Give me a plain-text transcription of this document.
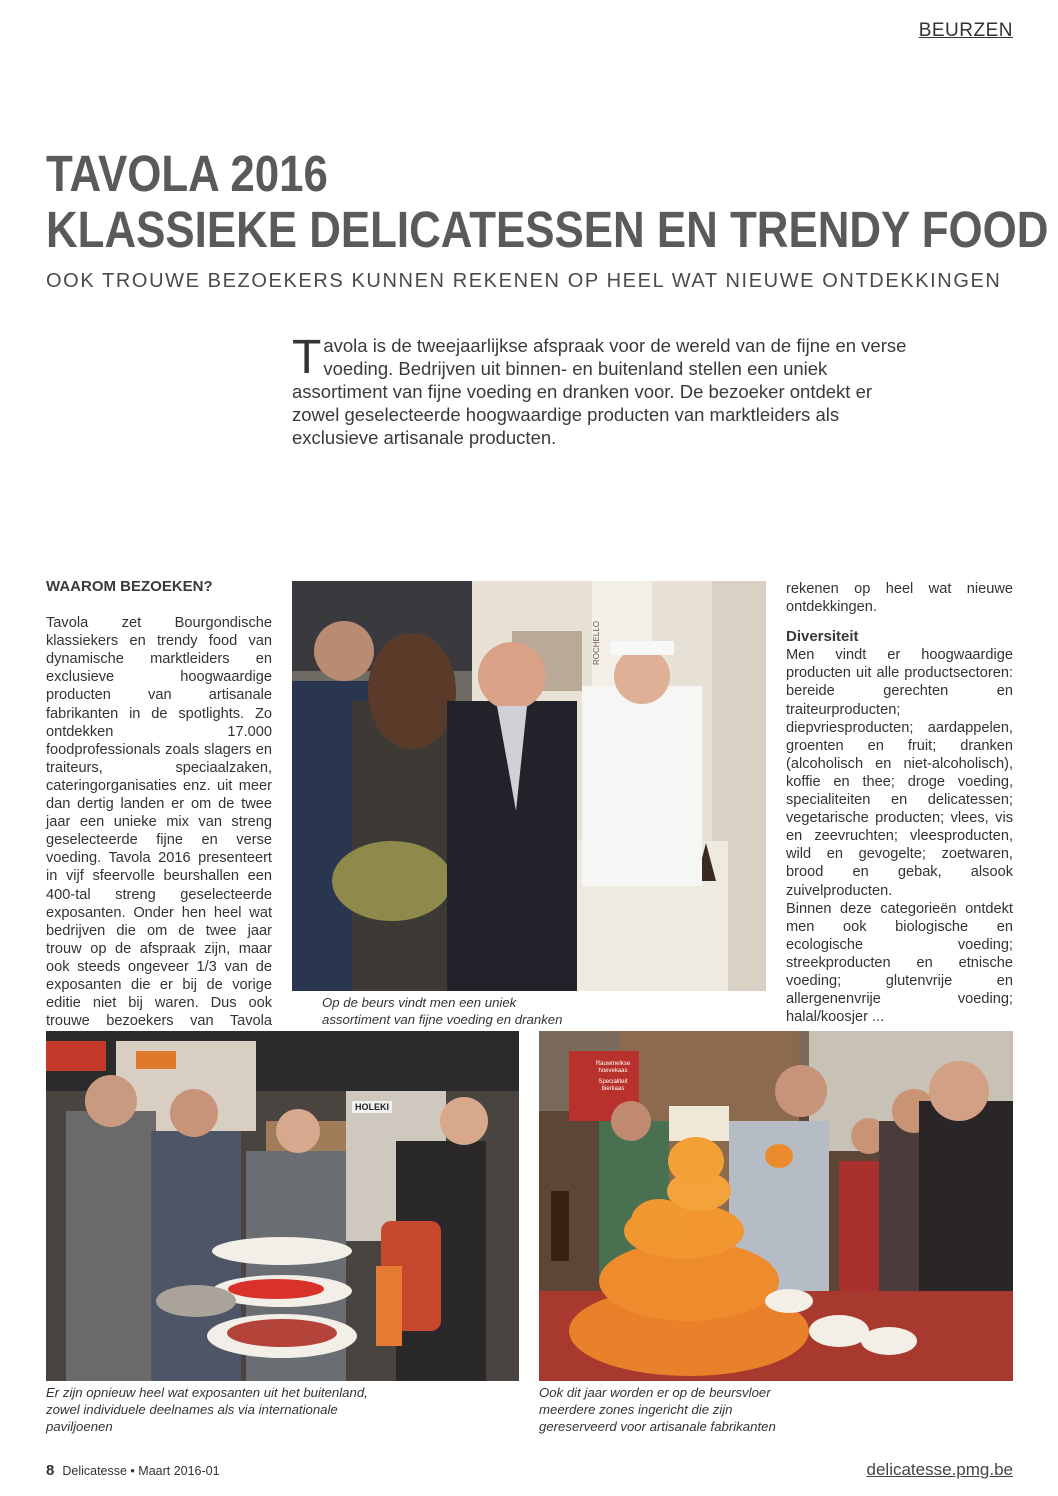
BEURZEN
TAVOLA 2016
KLASSIEKE DELICATESSEN EN TRENDY FOOD
OOK TROUWE BEZOEKERS KUNNEN REKENEN OP HEEL WAT NIEUWE ONTDEKKINGEN
Tavola is de tweejaarlijkse afspraak voor de wereld van de fijne en verse voeding. Bedrijven uit binnen- en buitenland stellen een uniek assortiment van fijne voeding en dranken voor. De bezoeker ontdekt er zowel geselecteerde hoogwaardige producten van marktleiders als exclusieve artisanale producten.
WAAROM BEZOEKEN?

Tavola zet Bourgondische klassiekers en trendy food van dynamische marktleiders en exclusieve hoogwaardige producten van artisanale fabrikanten in de spotlights. Zo ontdekken 17.000 foodprofessionals zoals slagers en traiteurs, speciaalzaken, cateringorganisaties enz. uit meer dan dertig landen er om de twee jaar een unieke mix van streng geselecteerde fijne en verse voeding. Tavola 2016 presenteert in vijf sfeervolle beurshallen een 400-tal streng geselecteerde exposanten. Onder hen heel wat bedrijven die om de twee jaar trouw op de afspraak zijn, maar ook steeds ongeveer 1/3 van de exposanten die er bij de vorige editie niet bij waren. Dus ook trouwe bezoekers van Tavola

ROCHELLO
Op de beurs vindt men een uniek assortiment van fijne voeding en dranken

rekenen op heel wat nieuwe ontdekkingen.

Diversiteit

Men vindt er hoogwaardige producten uit alle productsectoren: bereide gerechten en traiteurproducten; diepvriesproducten; aardappelen, groenten en fruit; dranken (alcoholisch en niet-alcoholisch), koffie en thee; droge voeding, specialiteiten en delicatessen; vegetarische producten; vlees, vis en zeevruchten; vleesproducten, wild en gevogelte; zoetwaren, brood en gebak, alsook zuivelproducten.

Binnen deze categorieën ontdekt men ook biologische en ecologische voeding; streekproducten en etnische voeding; glutenvrije en allergenenvrije voeding; halal/koosjer ...

HOLEKI
Er zijn opnieuw heel wat exposanten uit het buitenland, zowel individuele deelnames als via internationale paviljoenen
Rauwmelkse hoevekaas
Specialiteit bierkaas
Ook dit jaar worden er op de beursvloer meerdere zones ingericht die zijn gereserveerd voor artisanale fabrikanten
8 Delicatesse • Maart 2016-01	delicatesse.pmg.be
